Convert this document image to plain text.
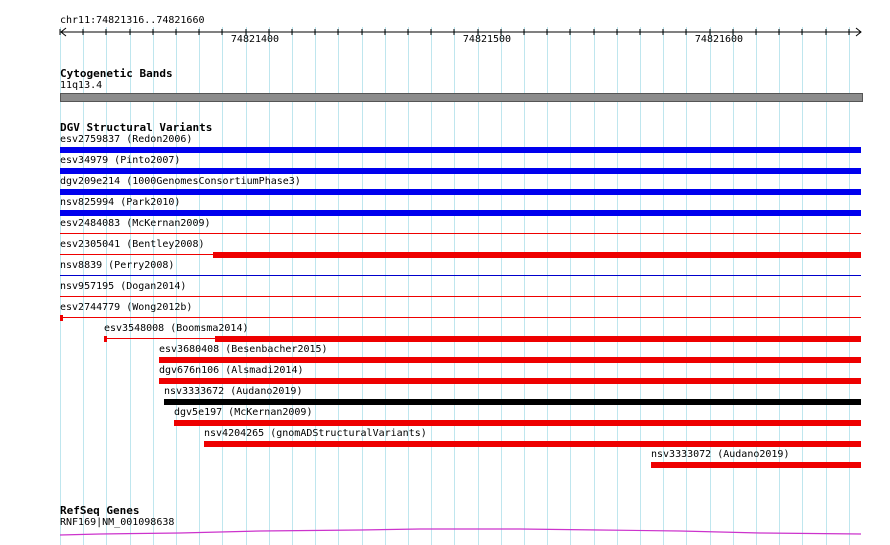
chr11:74821316..74821660
74821400	74821500	74821600
Cytogenetic Bands
11q13.4
DGV Structural Variants
esv2759837 (Redon2006)
esv34979 (Pinto2007)
dgv209e214 (1000GenomesConsortiumPhase3)
nsv825994 (Park2010)
esv2484083 (McKernan2009)
esv2305041 (Bentley2008)
nsv8839 (Perry2008)
nsv957195 (Dogan2014)
esv2744779 (Wong2012b)
esv3548008 (Boomsma2014)
esv3680408 (Besenbacher2015)
dgv676n106 (Alsmadi2014)
nsv3333672 (Audano2019)
dgv5e197 (McKernan2009)
nsv4204265 (gnomADStructuralVariants)
nsv3333072 (Audano2019)
RefSeq Genes
RNF169|NM_001098638
